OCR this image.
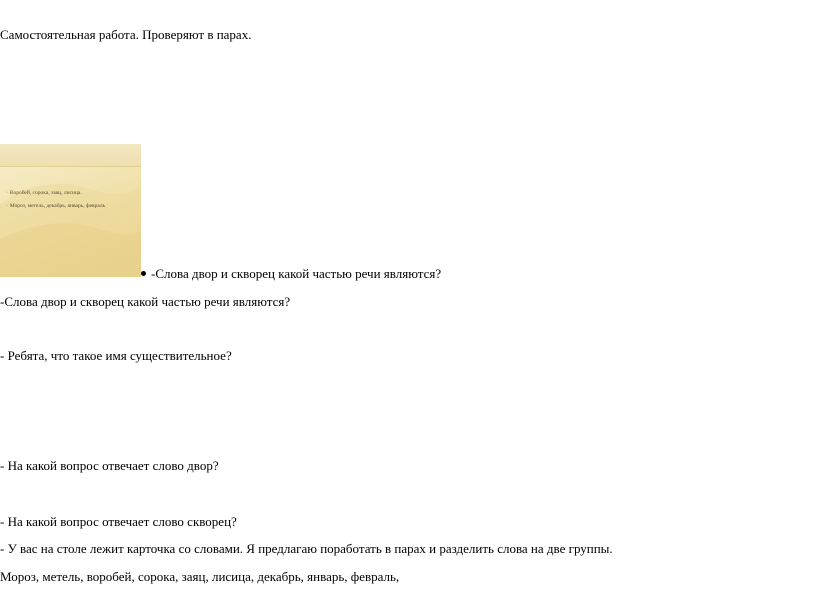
Самостоятельная работа. Проверяют в парах.
▫ Воробей, сорока, заяц, лисица.
▫ Мороз, метель, декабрь, январь, февраль
-Слова двор и скворец какой частью речи являются?
-Слова двор и скворец какой частью речи являются?
- Ребята, что такое имя существительное?
- На какой вопрос отвечает слово двор?
- На какой вопрос отвечает слово скворец?
- У вас на столе лежит карточка со словами. Я предлагаю поработать в парах и разделить слова на две группы.
Мороз, метель, воробей, сорока, заяц, лисица, декабрь, январь, февраль,
